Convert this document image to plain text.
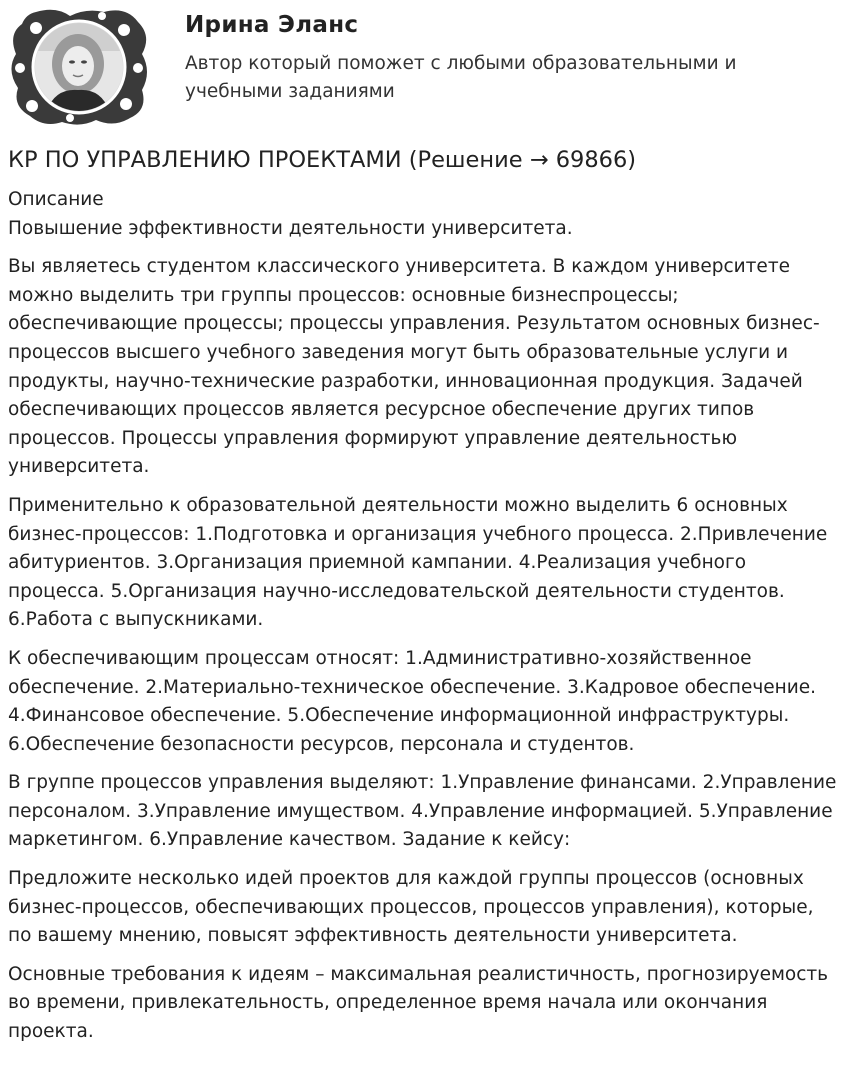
Ирина Эланс
Автор который поможет с любыми образовательными и учебными заданиями
КР ПО УПРАВЛЕНИЮ ПРОЕКТАМИ (Решение → 69866)
Описание

Повышение эффективности деятельности университета.

Вы являетесь студентом классического университета. В каждом университете можно выделить три группы процессов: основные бизнеспроцессы; обеспечивающие процессы; процессы управления. Результатом основных бизнес-процессов высшего учебного заведения могут быть образовательные услуги и продукты, научно-технические разработки, инновационная продукция. Задачей обеспечивающих процессов является ресурсное обеспечение других типов процессов. Процессы управления формируют управление деятельностью университета.

Применительно к образовательной деятельности можно выделить 6 основных бизнес-процессов: 1.Подготовка и организация учебного процесса. 2.Привлечение абитуриентов. 3.Организация приемной кампании. 4.Реализация учебного процесса. 5.Организация научно-исследовательской деятельности студентов. 6.Работа с выпускниками.

К обеспечивающим процессам относят: 1.Административно-хозяйственное обеспечение. 2.Материально-техническое обеспечение. 3.Кадровое обеспечение. 4.Финансовое обеспечение. 5.Обеспечение информационной инфраструктуры. 6.Обеспечение безопасности ресурсов, персонала и студентов.

В группе процессов управления выделяют: 1.Управление финансами. 2.Управление персоналом. 3.Управление имуществом. 4.Управление информацией. 5.Управление маркетингом. 6.Управление качеством. Задание к кейсу:

Предложите несколько идей проектов для каждой группы процессов (основных бизнес-процессов, обеспечивающих процессов, процессов управления), которые, по вашему мнению, повысят эффективность деятельности университета.

Основные требования к идеям – максимальная реалистичность, прогнозируемость во времени, привлекательность, определенное время начала или окончания проекта.
